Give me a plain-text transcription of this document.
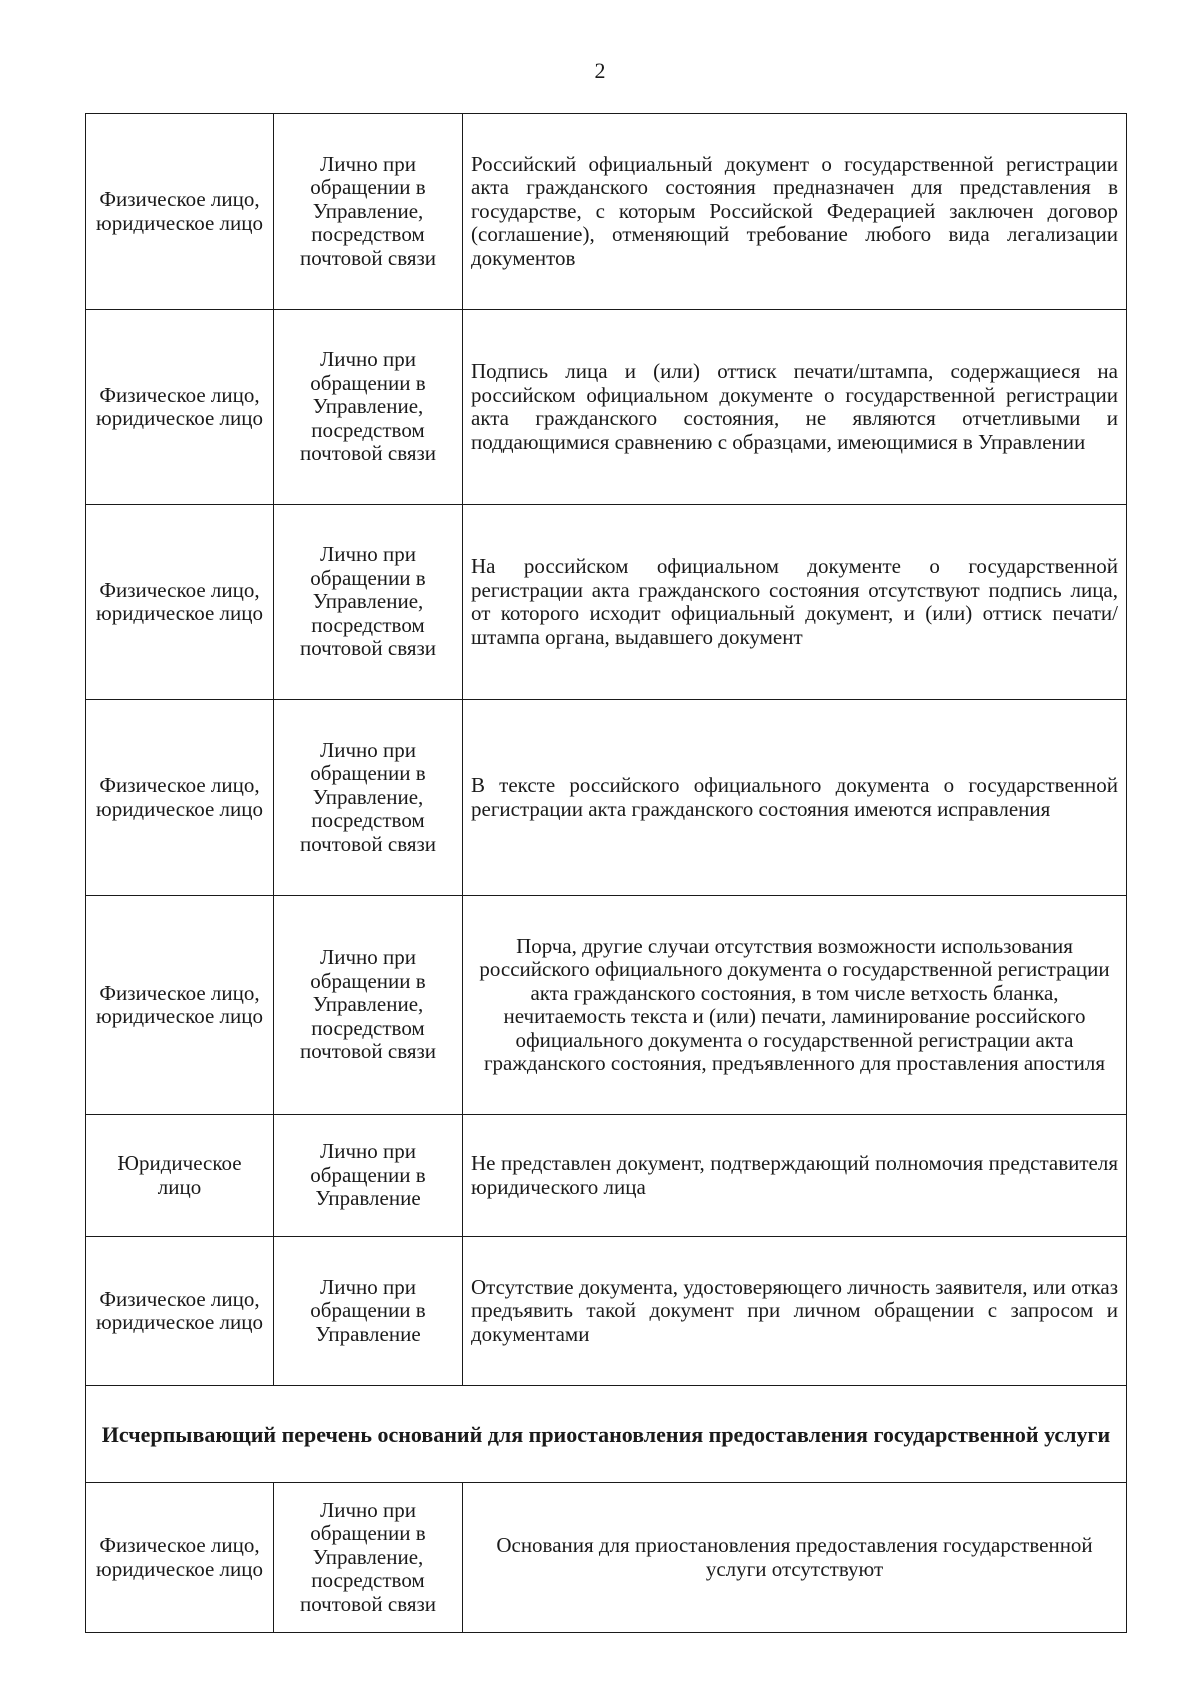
2
Физическое лицо, юридическое лицо	Лично при обращении в Управление, посредством почтовой связи	Российский официальный документ о государственной регистрации акта гражданского состояния предназначен для представления в государстве, с которым Российской Федерацией заключен договор (соглашение), отменяющий требование любого вида легализации документов
Физическое лицо, юридическое лицо	Лично при обращении в Управление, посредством почтовой связи	Подпись лица и (или) оттиск печати/штампа, содержащиеся на российском официальном документе о государственной регистрации акта гражданского состояния, не являются отчетливыми и поддающимися сравнению с образцами, имеющимися в Управлении
Физическое лицо, юридическое лицо	Лично при обращении в Управление, посредством почтовой связи	На российском официальном документе о государственной регистрации акта гражданского состояния отсутствуют подпись лица, от которого исходит официальный документ, и (или) оттиск печати/штампа органа, выдавшего документ
Физическое лицо, юридическое лицо	Лично при обращении в Управление, посредством почтовой связи	В тексте российского официального документа о государственной регистрации акта гражданского состояния имеются исправления
Физическое лицо, юридическое лицо	Лично при обращении в Управление, посредством почтовой связи	Порча, другие случаи отсутствия возможности использования российского официального документа о государственной регистрации акта гражданского состояния, в том числе ветхость бланка, нечитаемость текста и (или) печати, ламинирование российского официального документа о государственной регистрации акта гражданского состояния, предъявленного для проставления апостиля
Юридическое лицо	Лично при обращении в Управление	Не представлен документ, подтверждающий полномочия представителя юридического лица
Физическое лицо, юридическое лицо	Лично при обращении в Управление	Отсутствие документа, удостоверяющего личность заявителя, или отказ предъявить такой документ при личном обращении с запросом и документами
Исчерпывающий перечень оснований для приостановления предоставления государственной услуги		
Физическое лицо, юридическое лицо	Лично при обращении в Управление, посредством почтовой связи	Основания для приостановления предоставления государственной услуги отсутствуют
